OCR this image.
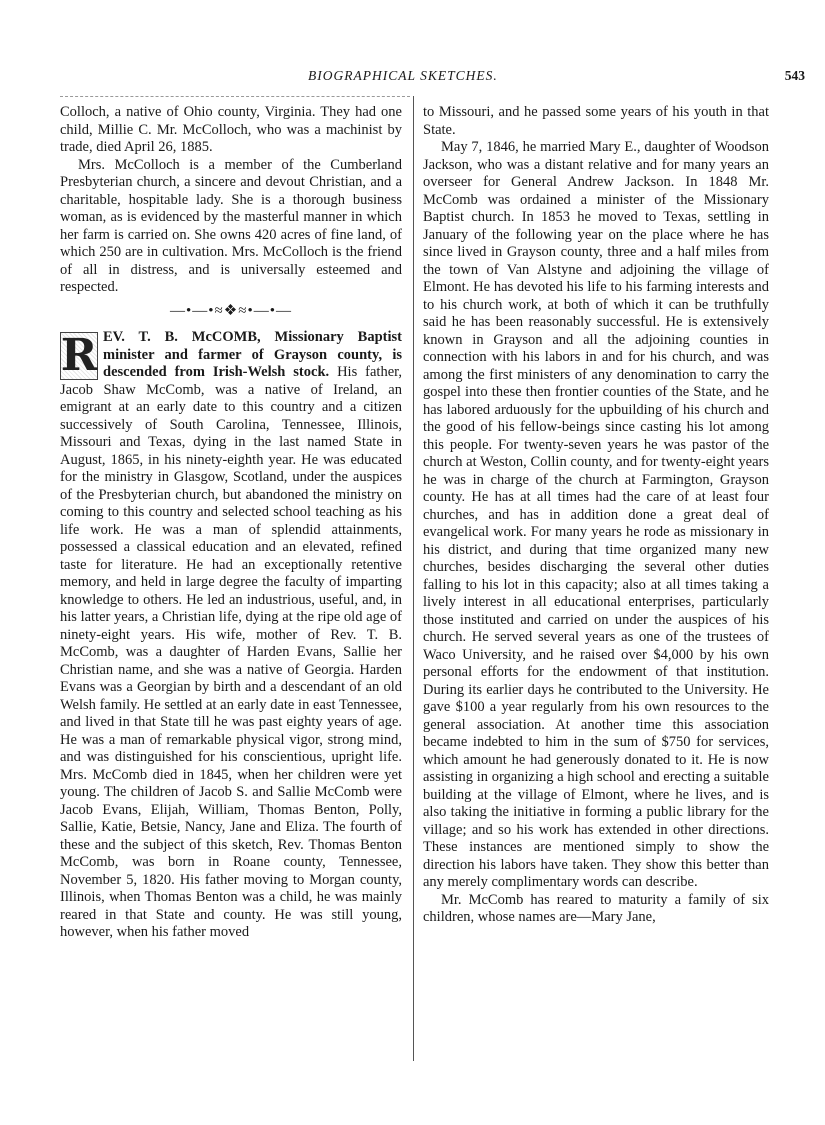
BIOGRAPHICAL SKETCHES.	543

Colloch, a native of Ohio county, Virginia. They had one child, Millie C. Mr. McColloch, who was a machinist by trade, died April 26, 1885.

Mrs. McColloch is a member of the Cumberland Presbyterian church, a sincere and devout Christian, and a charitable, hospitable lady. She is a thorough business woman, as is evidenced by the masterful manner in which her farm is carried on. She owns 420 acres of fine land, of which 250 are in cultivation. Mrs. McColloch is the friend of all in distress, and is universally esteemed and respected.

—•—•≈❖≈•—•—

R EV. T. B. McCOMB, Missionary Baptist minister and farmer of Grayson county, is descended from Irish-Welsh stock. His father, Jacob Shaw McComb, was a native of Ireland, an emigrant at an early date to this country and a citizen successively of South Carolina, Tennessee, Illinois, Missouri and Texas, dying in the last named State in August, 1865, in his ninety-eighth year. He was educated for the ministry in Glasgow, Scotland, under the auspices of the Presbyterian church, but abandoned the ministry on coming to this country and selected school teaching as his life work. He was a man of splendid attainments, possessed a classical education and an elevated, refined taste for literature. He had an exceptionally retentive memory, and held in large degree the faculty of imparting knowledge to others. He led an industrious, useful, and, in his latter years, a Christian life, dying at the ripe old age of ninety-eight years. His wife, mother of Rev. T. B. McComb, was a daughter of Harden Evans, Sallie her Christian name, and she was a native of Georgia. Harden Evans was a Georgian by birth and a descendant of an old Welsh family. He settled at an early date in east Tennessee, and lived in that State till he was past eighty years of age. He was a man of remarkable physical vigor, strong mind, and was distinguished for his conscientious, upright life. Mrs. McComb died in 1845, when her children were yet young. The children of Jacob S. and Sallie McComb were Jacob Evans, Elijah, William, Thomas Benton, Polly, Sallie, Katie, Betsie, Nancy, Jane and Eliza. The fourth of these and the subject of this sketch, Rev. Thomas Benton McComb, was born in Roane county, Tennessee, November 5, 1820. His father moving to Morgan county, Illinois, when Thomas Benton was a child, he was mainly reared in that State and county. He was still young, however, when his father moved

to Missouri, and he passed some years of his youth in that State.

May 7, 1846, he married Mary E., daughter of Woodson Jackson, who was a distant relative and for many years an overseer for General Andrew Jackson. In 1848 Mr. McComb was ordained a minister of the Missionary Baptist church. In 1853 he moved to Texas, settling in January of the following year on the place where he has since lived in Grayson county, three and a half miles from the town of Van Alstyne and adjoining the village of Elmont. He has devoted his life to his farming interests and to his church work, at both of which it can be truthfully said he has been reasonably successful. He is extensively known in Grayson and all the adjoining counties in connection with his labors in and for his church, and was among the first ministers of any denomination to carry the gospel into these then frontier counties of the State, and he has labored arduously for the upbuilding of his church and the good of his fellow-beings since casting his lot among this people. For twenty-seven years he was pastor of the church at Weston, Collin county, and for twenty-eight years he was in charge of the church at Farmington, Grayson county. He has at all times had the care of at least four churches, and has in addition done a great deal of evangelical work. For many years he rode as missionary in his district, and during that time organized many new churches, besides discharging the several other duties falling to his lot in this capacity; also at all times taking a lively interest in all educational enterprises, particularly those instituted and carried on under the auspices of his church. He served several years as one of the trustees of Waco University, and he raised over $4,000 by his own personal efforts for the endowment of that institution. During its earlier days he contributed to the University. He gave $100 a year regularly from his own resources to the general association. At another time this association became indebted to him in the sum of $750 for services, which amount he had generously donated to it. He is now assisting in organizing a high school and erecting a suitable building at the village of Elmont, where he lives, and is also taking the initiative in forming a public library for the village; and so his work has extended in other directions. These instances are mentioned simply to show the direction his labors have taken. They show this better than any merely complimentary words can describe.

Mr. McComb has reared to maturity a family of six children, whose names are—Mary Jane,
